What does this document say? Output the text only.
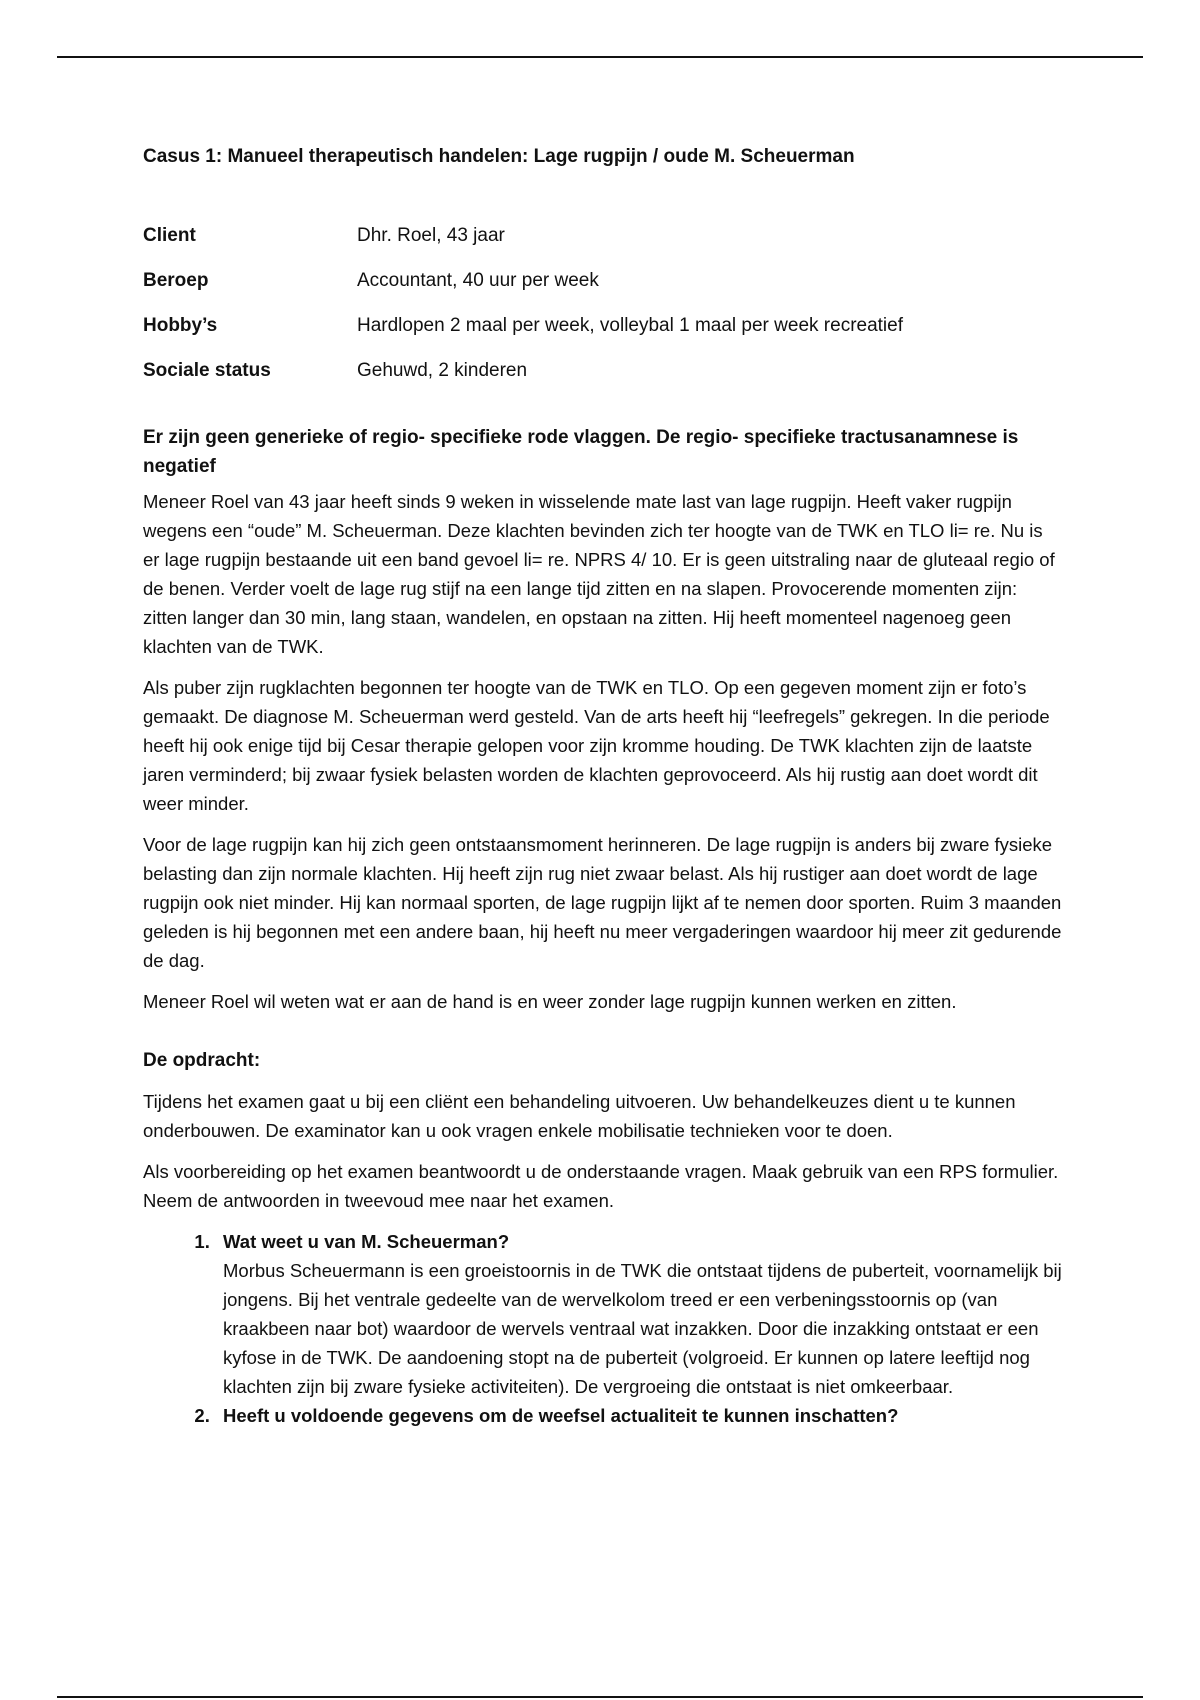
Casus 1: Manueel therapeutisch handelen: Lage rugpijn / oude M. Scheuerman
Client	Dhr. Roel, 43 jaar
Beroep	Accountant, 40 uur per week
Hobby’s	Hardlopen 2 maal per week, volleybal 1 maal per week recreatief
Sociale status	Gehuwd, 2 kinderen
Er zijn geen generieke of regio- specifieke rode vlaggen. De regio- specifieke tractusanamnese is negatief

Meneer Roel van 43 jaar heeft sinds 9 weken in wisselende mate last van lage rugpijn. Heeft vaker rugpijn wegens een “oude” M. Scheuerman. Deze klachten bevinden zich ter hoogte van de TWK en TLO li= re. Nu is er lage rugpijn bestaande uit een band gevoel li= re. NPRS 4/ 10. Er is geen uitstraling naar de gluteaal regio of de benen. Verder voelt de lage rug stijf na een lange tijd zitten en na slapen. Provocerende momenten zijn: zitten langer dan 30 min, lang staan, wandelen, en opstaan na zitten. Hij heeft momenteel nagenoeg geen klachten van de TWK.

Als puber zijn rugklachten begonnen ter hoogte van de TWK en TLO. Op een gegeven moment zijn er foto’s gemaakt. De diagnose M. Scheuerman werd gesteld. Van de arts heeft hij “leefregels” gekregen. In die periode heeft hij ook enige tijd bij Cesar therapie gelopen voor zijn kromme houding. De TWK klachten zijn de laatste jaren verminderd; bij zwaar fysiek belasten worden de klachten geprovoceerd. Als hij rustig aan doet wordt dit weer minder.

Voor de lage rugpijn kan hij zich geen ontstaansmoment herinneren. De lage rugpijn is anders bij zware fysieke belasting dan zijn normale klachten. Hij heeft zijn rug niet zwaar belast. Als hij rustiger aan doet wordt de lage rugpijn ook niet minder. Hij kan normaal sporten, de lage rugpijn lijkt af te nemen door sporten. Ruim 3 maanden geleden is hij begonnen met een andere baan, hij heeft nu meer vergaderingen waardoor hij meer zit gedurende de dag.

Meneer Roel wil weten wat er aan de hand is en weer zonder lage rugpijn kunnen werken en zitten.

De opdracht:

Tijdens het examen gaat u bij een cliënt een behandeling uitvoeren. Uw behandelkeuzes dient u te kunnen onderbouwen. De examinator kan u ook vragen enkele mobilisatie technieken voor te doen.

Als voorbereiding op het examen beantwoordt u de onderstaande vragen. Maak gebruik van een RPS formulier. Neem de antwoorden in tweevoud mee naar het examen.

1. Wat weet u van M. Scheuerman?
Morbus Scheuermann is een groeistoornis in de TWK die ontstaat tijdens de puberteit, voornamelijk bij jongens. Bij het ventrale gedeelte van de wervelkolom treed er een verbeningsstoornis op (van kraakbeen naar bot) waardoor de wervels ventraal wat inzakken. Door die inzakking ontstaat er een kyfose in de TWK. De aandoening stopt na de puberteit (volgroeid. Er kunnen op latere leeftijd nog klachten zijn bij zware fysieke activiteiten). De vergroeing die ontstaat is niet omkeerbaar.
2. Heeft u voldoende gegevens om de weefsel actualiteit te kunnen inschatten?
